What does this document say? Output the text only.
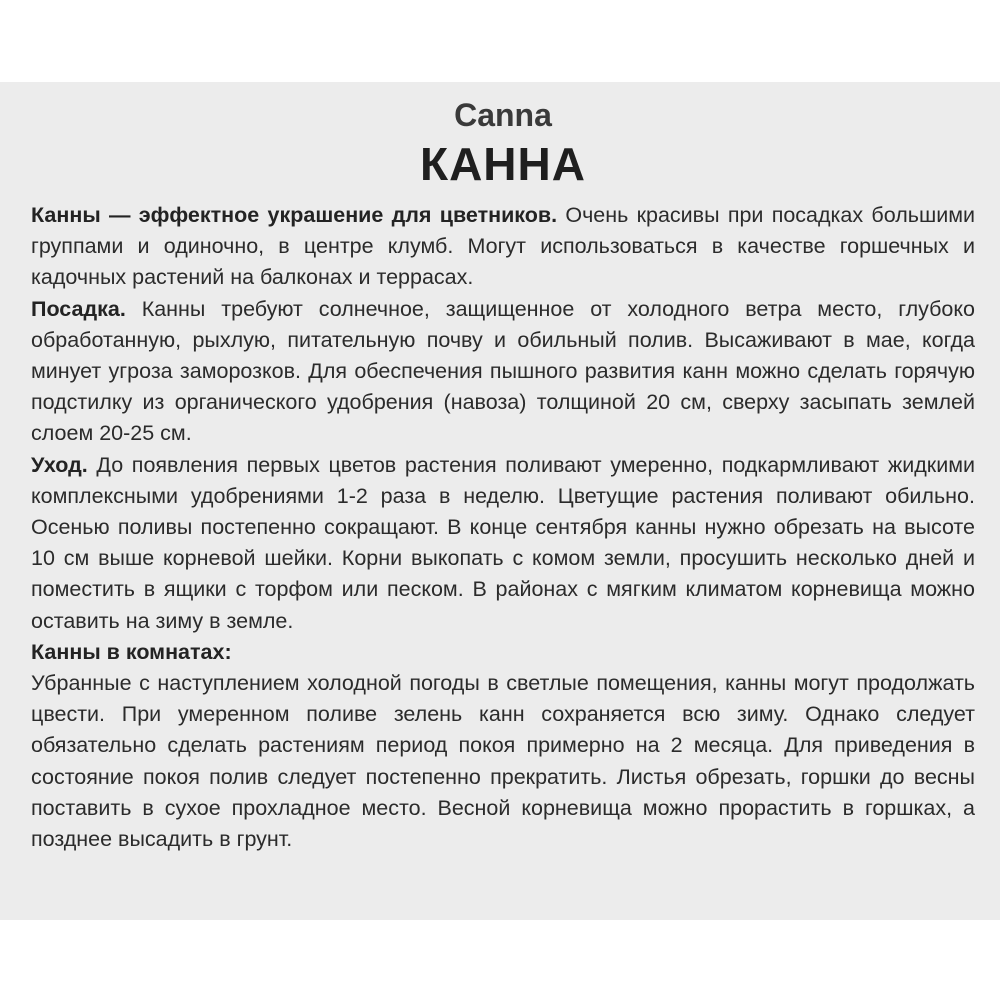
Canna

КАННА

Канны — эффектное украшение для цветников. Очень красивы при посадках большими группами и одиночно, в центре клумб. Могут использоваться в качестве горшечных и кадочных растений на балконах и террасах.

Посадка. Канны требуют солнечное, защищенное от холодного ветра место, глубоко обработанную, рыхлую, питательную почву и обильный полив. Высаживают в мае, когда минует угроза заморозков. Для обеспечения пышного развития канн можно сделать горячую подстилку из органического удобрения (навоза) толщиной 20 см, сверху засыпать землей слоем 20-25 см.

Уход. До появления первых цветов растения поливают умеренно, подкармливают жидкими комплексными удобрениями 1-2 раза в неделю. Цветущие растения поливают обильно. Осенью поливы постепенно сокращают. В конце сентября канны нужно обрезать на высоте 10 см выше корневой шейки. Корни выкопать с комом земли, просушить несколько дней и поместить в ящики с торфом или песком. В районах с мягким климатом корневища можно оставить на зиму в земле.

Канны в комнатах:

Убранные с наступлением холодной погоды в светлые помещения, канны могут продолжать цвести. При умеренном поливе зелень канн сохраняется всю зиму. Однако следует обязательно сделать растениям период покоя примерно на 2 месяца. Для приведения в состояние покоя полив следует постепенно прекратить. Листья обрезать, горшки до весны поставить в сухое прохладное место. Весной корневища можно прорастить в горшках, а позднее высадить в грунт.
